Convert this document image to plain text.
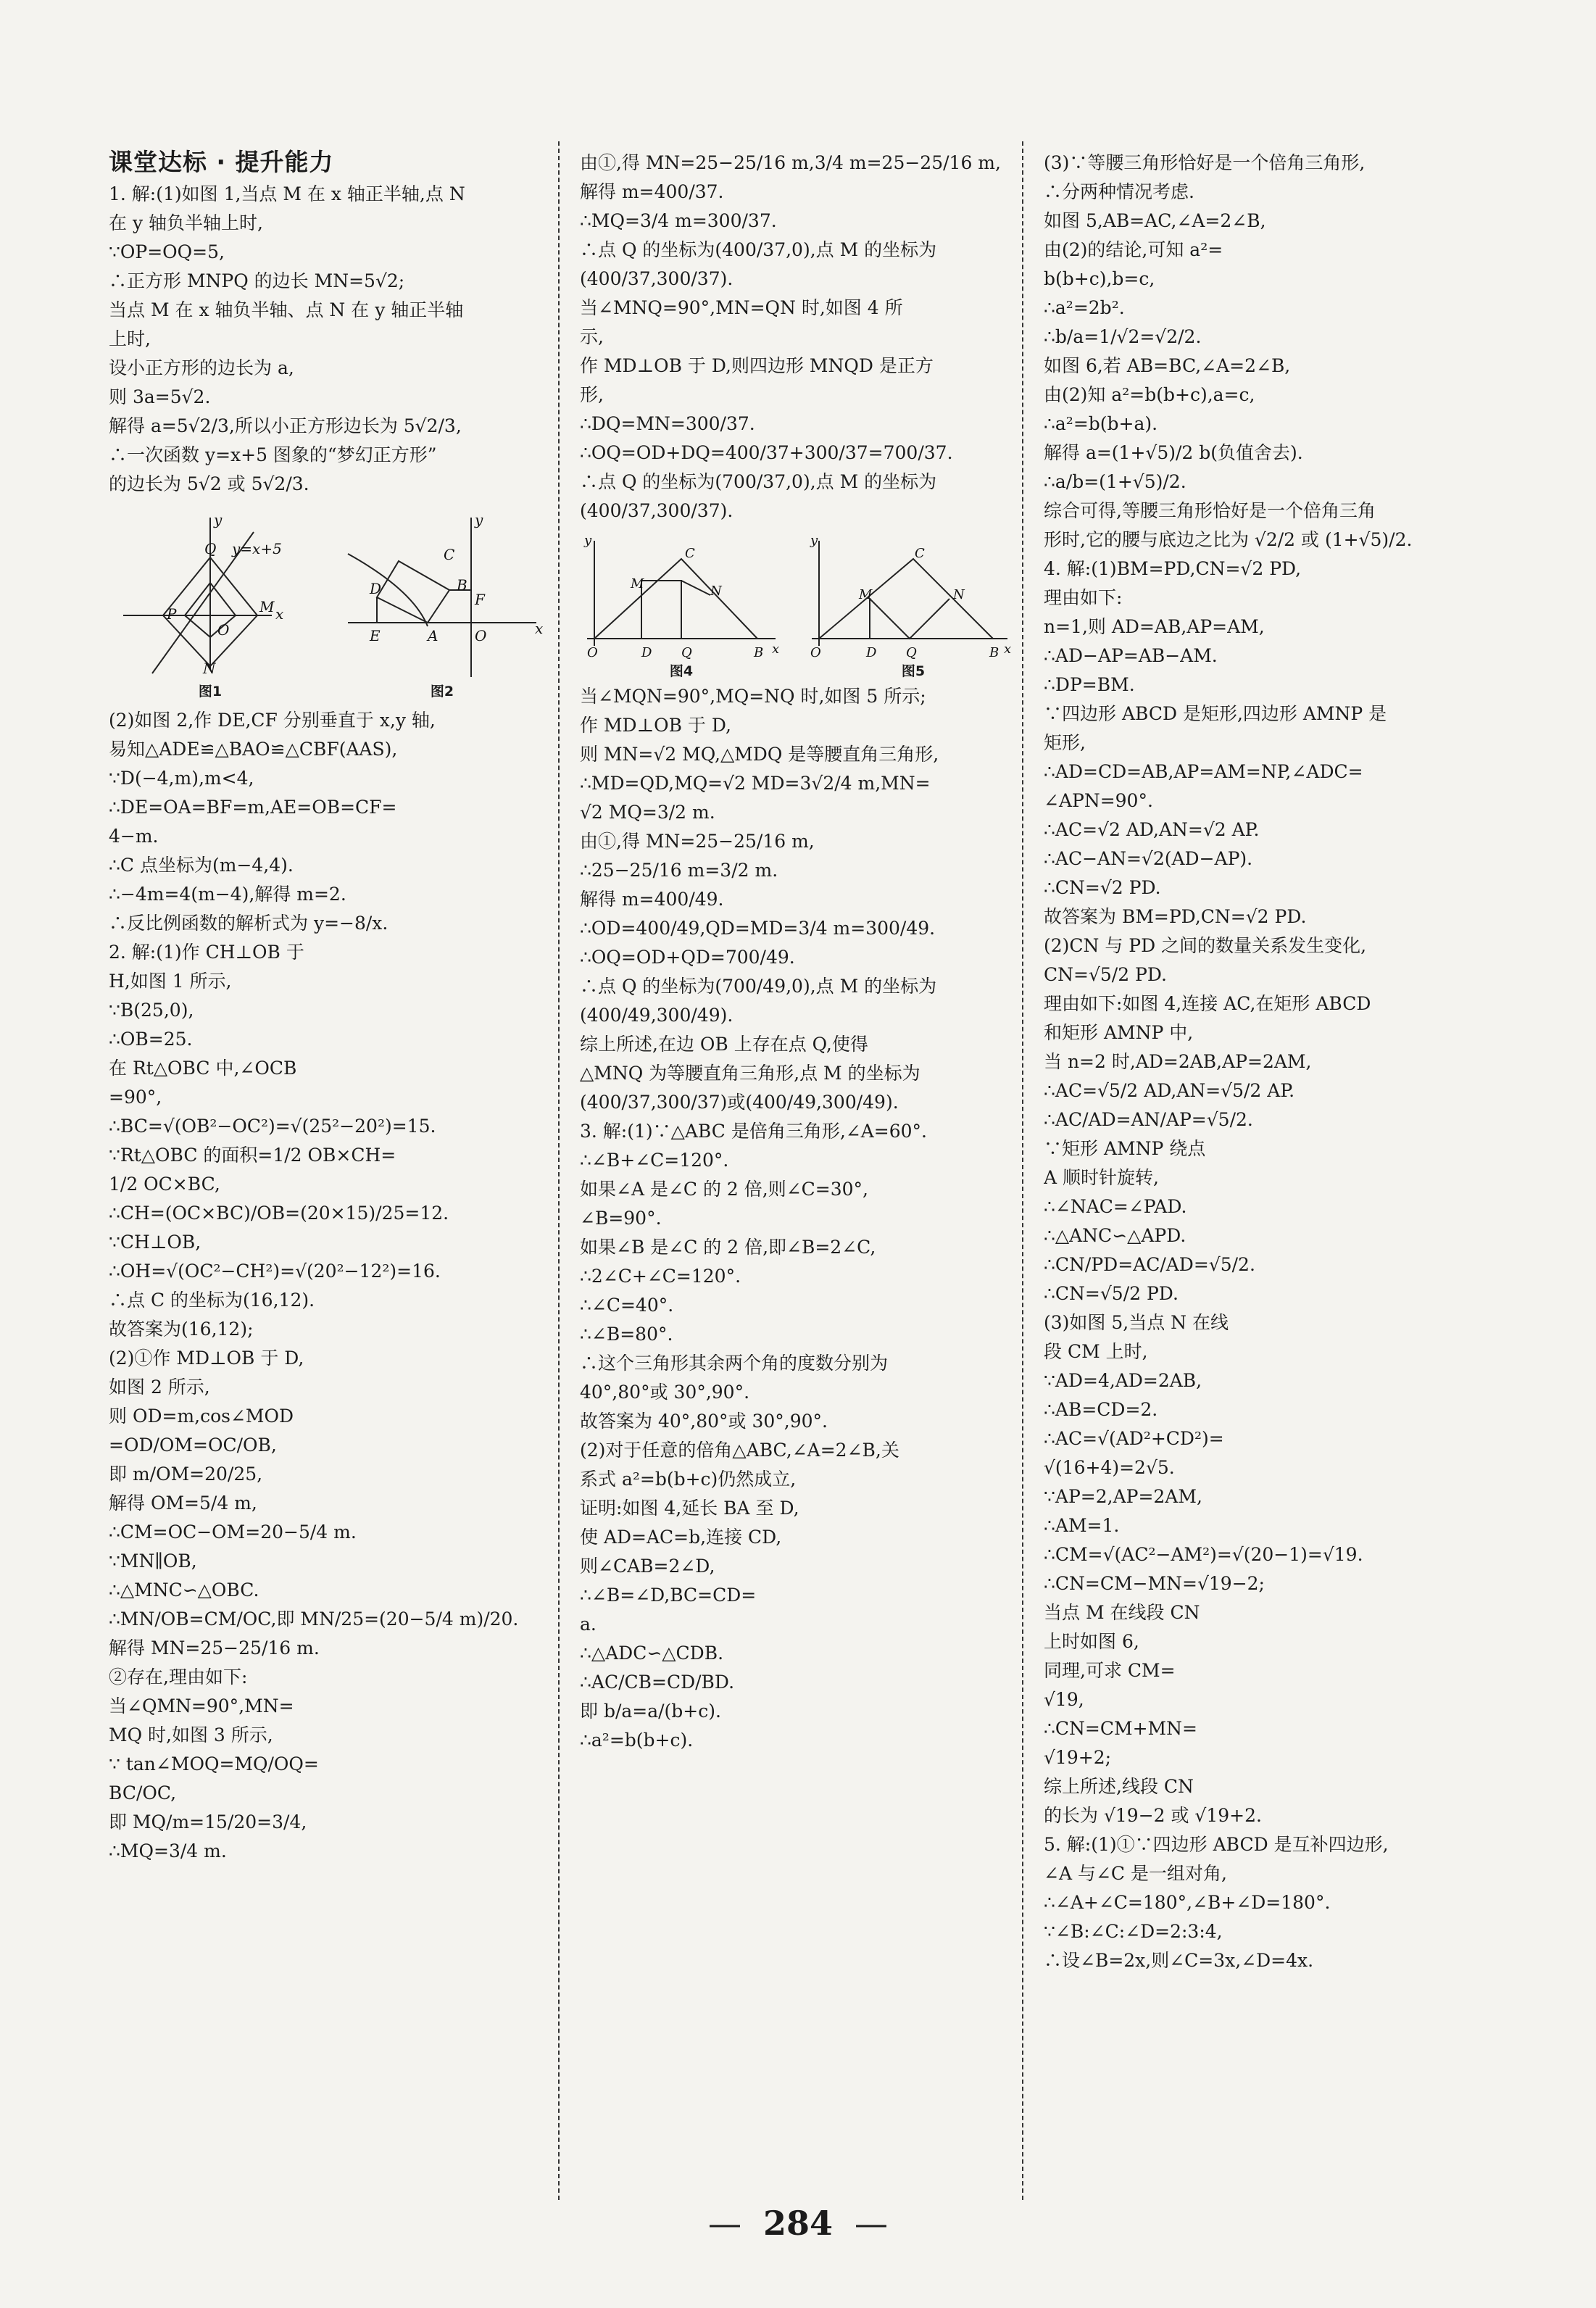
课堂达标 · 提升能力
1. 解:(1)如图 1,当点 M 在 x 轴正半轴,点 N
在 y 轴负半轴上时,
∵OP=OQ=5,
∴正方形 MNPQ 的边长 MN=5√2;
当点 M 在 x 轴负半轴、点 N 在 y 轴正半轴
上时,
设小正方形的边长为 a,
则 3a=5√2.
解得 a=5√2/3,所以小正方形边长为 5√2/3,
∴一次函数 y=x+5 图象的“梦幻正方形”
的边长为 5√2 或 5√2/3.
y
y=x+5
Q
P	M
O
x
N
y
F
C
B
D
E	A	O	x
图1	图2
(2)如图 2,作 DE,CF 分别垂直于 x,y 轴,
易知△ADE≌△BAO≌△CBF(AAS),
∵D(−4,m),m<4,
∴DE=OA=BF=m,AE=OB=CF=
4−m.
∴C 点坐标为(m−4,4).
∴−4m=4(m−4),解得 m=2.
∴反比例函数的解析式为 y=−8/x.
2. 解:(1)作 CH⊥OB 于
H,如图 1 所示,
∵B(25,0),
∴OB=25.
在 Rt△OBC 中,∠OCB
=90°,
∴BC=√(OB²−OC²)=√(25²−20²)=15.
∵Rt△OBC 的面积=1/2 OB×CH=
1/2 OC×BC,
∴CH=(OC×BC)/OB=(20×15)/25=12.
∵CH⊥OB,
∴OH=√(OC²−CH²)=√(20²−12²)=16.
∴点 C 的坐标为(16,12).
故答案为(16,12);
(2)①作 MD⊥OB 于 D,
如图 2 所示,
则 OD=m,cos∠MOD
=OD/OM=OC/OB,
即 m/OM=20/25,
解得 OM=5/4 m,
∴CM=OC−OM=20−5/4 m.
∵MN∥OB,
∴△MNC∽△OBC.
∴MN/OB=CM/OC,即 MN/25=(20−5/4 m)/20.
解得 MN=25−25/16 m.
②存在,理由如下:
当∠QMN=90°,MN=
MQ 时,如图 3 所示,
∵ tan∠MOQ=MQ/OQ=
BC/OC,
即 MQ/m=15/20=3/4,
∴MQ=3/4 m.
由①,得 MN=25−25/16 m,3/4 m=25−25/16 m,
解得 m=400/37.
∴MQ=3/4 m=300/37.
∴点 Q 的坐标为(400/37,0),点 M 的坐标为
(400/37,300/37).
当∠MNQ=90°,MN=QN 时,如图 4 所
示,
作 MD⊥OB 于 D,则四边形 MNQD 是正方
形,
∴DQ=MN=300/37.
∴OQ=OD+DQ=400/37+300/37=700/37.
∴点 Q 的坐标为(700/37,0),点 M 的坐标为
(400/37,300/37).
y
C
M	N
O	D Q	B x
y
C
M	N
O	D Q	B x
图4	图5
当∠MQN=90°,MQ=NQ 时,如图 5 所示;
作 MD⊥OB 于 D,
则 MN=√2 MQ,△MDQ 是等腰直角三角形,
∴MD=QD,MQ=√2 MD=3√2/4 m,MN=
√2 MQ=3/2 m.
由①,得 MN=25−25/16 m,
∴25−25/16 m=3/2 m.
解得 m=400/49.
∴OD=400/49,QD=MD=3/4 m=300/49.
∴OQ=OD+QD=700/49.
∴点 Q 的坐标为(700/49,0),点 M 的坐标为
(400/49,300/49).
综上所述,在边 OB 上存在点 Q,使得
△MNQ 为等腰直角三角形,点 M 的坐标为
(400/37,300/37)或(400/49,300/49).
3. 解:(1)∵△ABC 是倍角三角形,∠A=60°.
∴∠B+∠C=120°.
如果∠A 是∠C 的 2 倍,则∠C=30°,
∠B=90°.
如果∠B 是∠C 的 2 倍,即∠B=2∠C,
∴2∠C+∠C=120°.
∴∠C=40°.
∴∠B=80°.
∴这个三角形其余两个角的度数分别为
40°,80°或 30°,90°.
故答案为 40°,80°或 30°,90°.
(2)对于任意的倍角△ABC,∠A=2∠B,关
系式 a²=b(b+c)仍然成立,
证明:如图 4,延长 BA 至 D,
使 AD=AC=b,连接 CD,
则∠CAB=2∠D,
∴∠B=∠D,BC=CD=
a.
∴△ADC∽△CDB.
∴AC/CB=CD/BD.
即 b/a=a/(b+c).
∴a²=b(b+c).
(3)∵等腰三角形恰好是一个倍角三角形,
∴分两种情况考虑.
如图 5,AB=AC,∠A=2∠B,
由(2)的结论,可知 a²=
b(b+c),b=c,
∴a²=2b².
∴b/a=1/√2=√2/2.
如图 6,若 AB=BC,∠A=2∠B,
由(2)知 a²=b(b+c),a=c,
∴a²=b(b+a).
解得 a=(1+√5)/2 b(负值舍去).
∴a/b=(1+√5)/2.
综合可得,等腰三角形恰好是一个倍角三角
形时,它的腰与底边之比为 √2/2 或 (1+√5)/2.
4. 解:(1)BM=PD,CN=√2 PD,
理由如下:
n=1,则 AD=AB,AP=AM,
∴AD−AP=AB−AM.
∴DP=BM.
∵四边形 ABCD 是矩形,四边形 AMNP 是
矩形,
∴AD=CD=AB,AP=AM=NP,∠ADC=
∠APN=90°.
∴AC=√2 AD,AN=√2 AP.
∴AC−AN=√2(AD−AP).
∴CN=√2 PD.
故答案为 BM=PD,CN=√2 PD.
(2)CN 与 PD 之间的数量关系发生变化,
CN=√5/2 PD.
理由如下:如图 4,连接 AC,在矩形 ABCD
和矩形 AMNP 中,
当 n=2 时,AD=2AB,AP=2AM,
∴AC=√5/2 AD,AN=√5/2 AP.
∴AC/AD=AN/AP=√5/2.
∵矩形 AMNP 绕点
A 顺时针旋转,
∴∠NAC=∠PAD.
∴△ANC∽△APD.
∴CN/PD=AC/AD=√5/2.
∴CN=√5/2 PD.
(3)如图 5,当点 N 在线
段 CM 上时,
∵AD=4,AD=2AB,
∴AB=CD=2.
∴AC=√(AD²+CD²)=
√(16+4)=2√5.
∵AP=2,AP=2AM,
∴AM=1.
∴CM=√(AC²−AM²)=√(20−1)=√19.
∴CN=CM−MN=√19−2;
当点 M 在线段 CN
上时如图 6,
同理,可求 CM=
√19,
∴CN=CM+MN=
√19+2;
综上所述,线段 CN
的长为 √19−2 或 √19+2.
5. 解:(1)①∵四边形 ABCD 是互补四边形,
∠A 与∠C 是一组对角,
∴∠A+∠C=180°,∠B+∠D=180°.
∵∠B:∠C:∠D=2:3:4,
∴设∠B=2x,则∠C=3x,∠D=4x.
— 284 —
